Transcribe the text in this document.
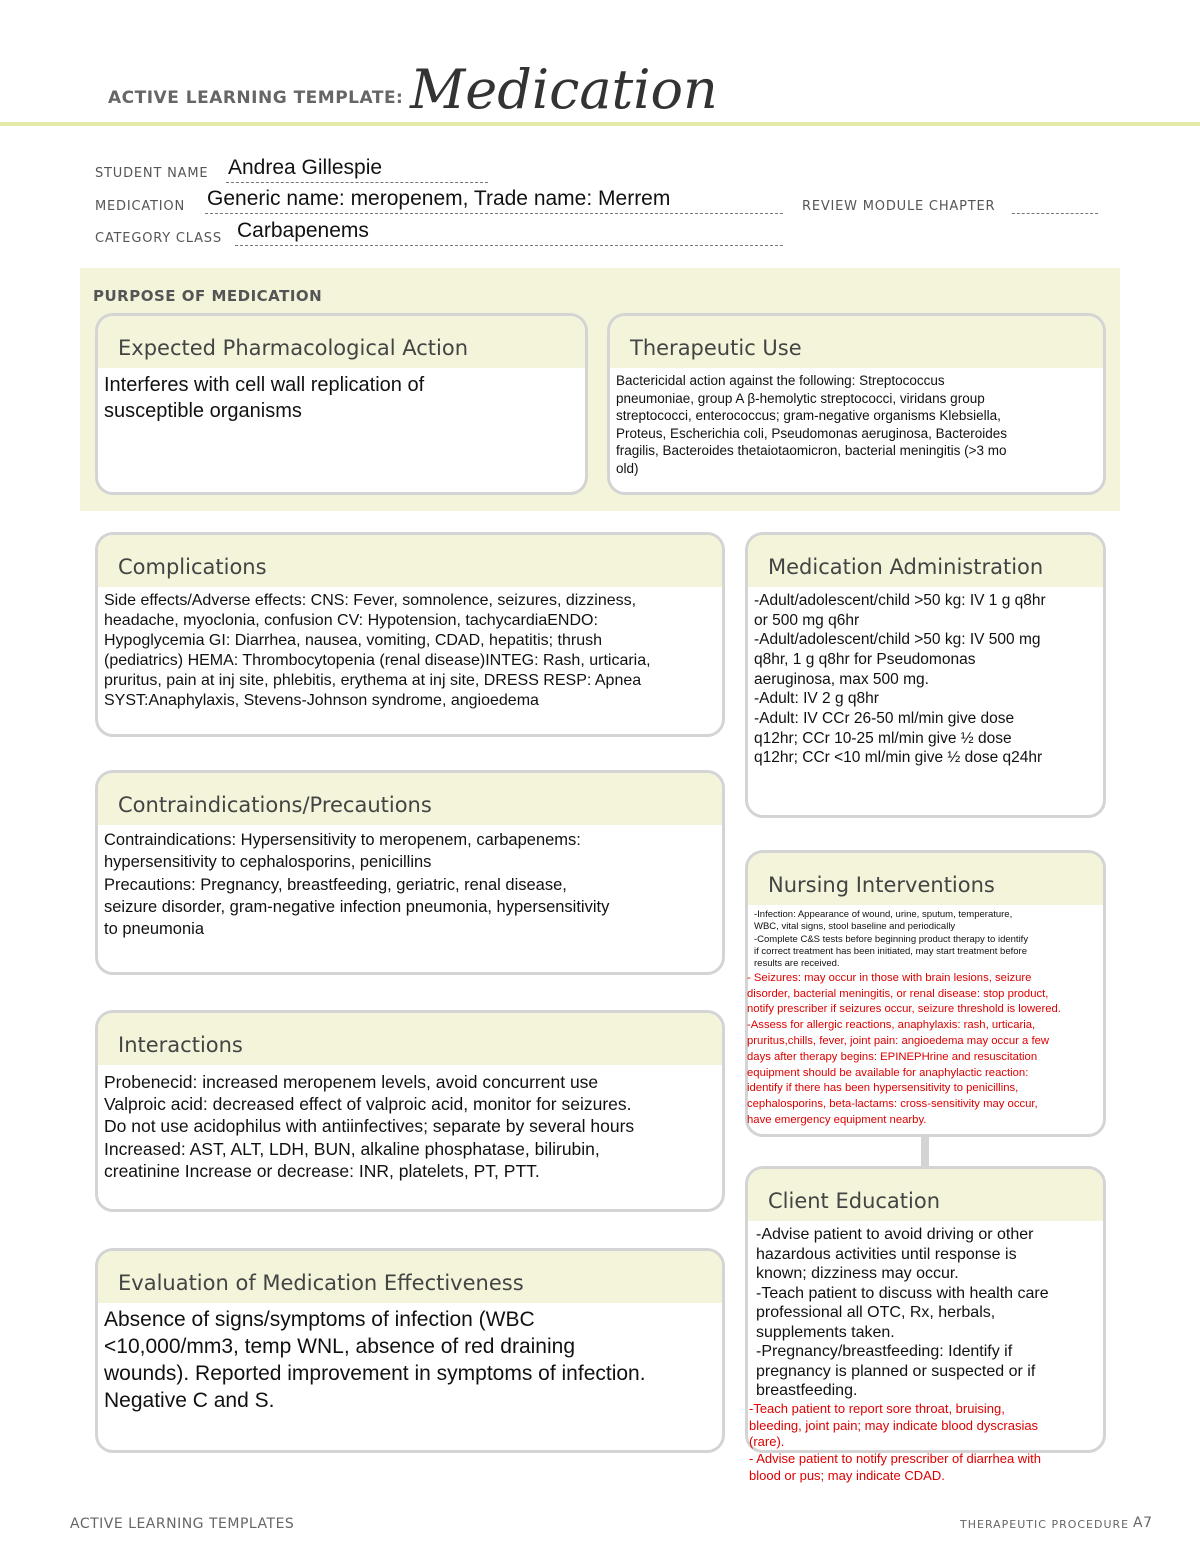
ACTIVE LEARNING TEMPLATE: Medication
STUDENT NAME Andrea Gillespie
MEDICATION Generic name: meropenem, Trade name: Merrem	REVIEW MODULE CHAPTER
CATEGORY CLASS Carbapenems
PURPOSE OF MEDICATION
Expected Pharmacological Action
Interferes with cell wall replication of
susceptible organisms
Therapeutic Use
Bactericidal action against the following: Streptococcus
pneumoniae, group A β-hemolytic streptococci, viridans group
streptococci, enterococcus; gram-negative organisms Klebsiella,
Proteus, Escherichia coli, Pseudomonas aeruginosa, Bacteroides
fragilis, Bacteroides thetaiotaomicron, bacterial meningitis (>3 mo
old)
Complications
Side effects/Adverse effects: CNS: Fever, somnolence, seizures, dizziness,
headache, myoclonia, confusion CV: Hypotension, tachycardiaENDO:
Hypoglycemia GI: Diarrhea, nausea, vomiting, CDAD, hepatitis; thrush
(pediatrics) HEMA: Thrombocytopenia (renal disease)INTEG: Rash, urticaria,
pruritus, pain at inj site, phlebitis, erythema at inj site, DRESS RESP: Apnea
SYST:Anaphylaxis, Stevens-Johnson syndrome, angioedema
Medication Administration
-Adult/adolescent/child >50 kg: IV 1 g q8hr
or 500 mg q6hr
-Adult/adolescent/child >50 kg: IV 500 mg
q8hr, 1 g q8hr for Pseudomonas
aeruginosa, max 500 mg.
-Adult: IV 2 g q8hr
-Adult: IV CCr 26-50 ml/min give dose
q12hr; CCr 10-25 ml/min give ½ dose
q12hr; CCr <10 ml/min give ½ dose q24hr
Contraindications/Precautions
Contraindications: Hypersensitivity to meropenem, carbapenems:
hypersensitivity to cephalosporins, penicillins
Precautions: Pregnancy, breastfeeding, geriatric, renal disease,
seizure disorder, gram-negative infection pneumonia, hypersensitivity
to pneumonia
Nursing Interventions
-Infection: Appearance of wound, urine, sputum, temperature,
WBC, vital signs, stool baseline and periodically
-Complete C&S tests before beginning product therapy to identify
if correct treatment has been initiated, may start treatment before
results are received.
- Seizures: may occur in those with brain lesions, seizure
disorder, bacterial meningitis, or renal disease: stop product,
notify prescriber if seizures occur, seizure threshold is lowered.
-Assess for allergic reactions, anaphylaxis: rash, urticaria,
pruritus,chills, fever, joint pain: angioedema may occur a few
days after therapy begins: EPINEPHrine and resuscitation
equipment should be available for anaphylactic reaction:
identify if there has been hypersensitivity to penicillins,
cephalosporins, beta-lactams: cross-sensitivity may occur,
have emergency equipment nearby.
Interactions
Probenecid: increased meropenem levels, avoid concurrent use
Valproic acid: decreased effect of valproic acid, monitor for seizures.
Do not use acidophilus with antiinfectives; separate by several hours
Increased: AST, ALT, LDH, BUN, alkaline phosphatase, bilirubin,
creatinine Increase or decrease: INR, platelets, PT, PTT.
Client Education
-Advise patient to avoid driving or other
hazardous activities until response is
known; dizziness may occur.
-Teach patient to discuss with health care
professional all OTC, Rx, herbals,
supplements taken.
-Pregnancy/breastfeeding: Identify if
pregnancy is planned or suspected or if
breastfeeding.
-Teach patient to report sore throat, bruising,
bleeding, joint pain; may indicate blood dyscrasias
(rare).
- Advise patient to notify prescriber of diarrhea with
blood or pus; may indicate CDAD.
Evaluation of Medication Effectiveness
Absence of signs/symptoms of infection (WBC
<10,000/mm3, temp WNL, absence of red draining
wounds). Reported improvement in symptoms of infection.
Negative C and S.
ACTIVE LEARNING TEMPLATES	THERAPEUTIC PROCEDURE A7
